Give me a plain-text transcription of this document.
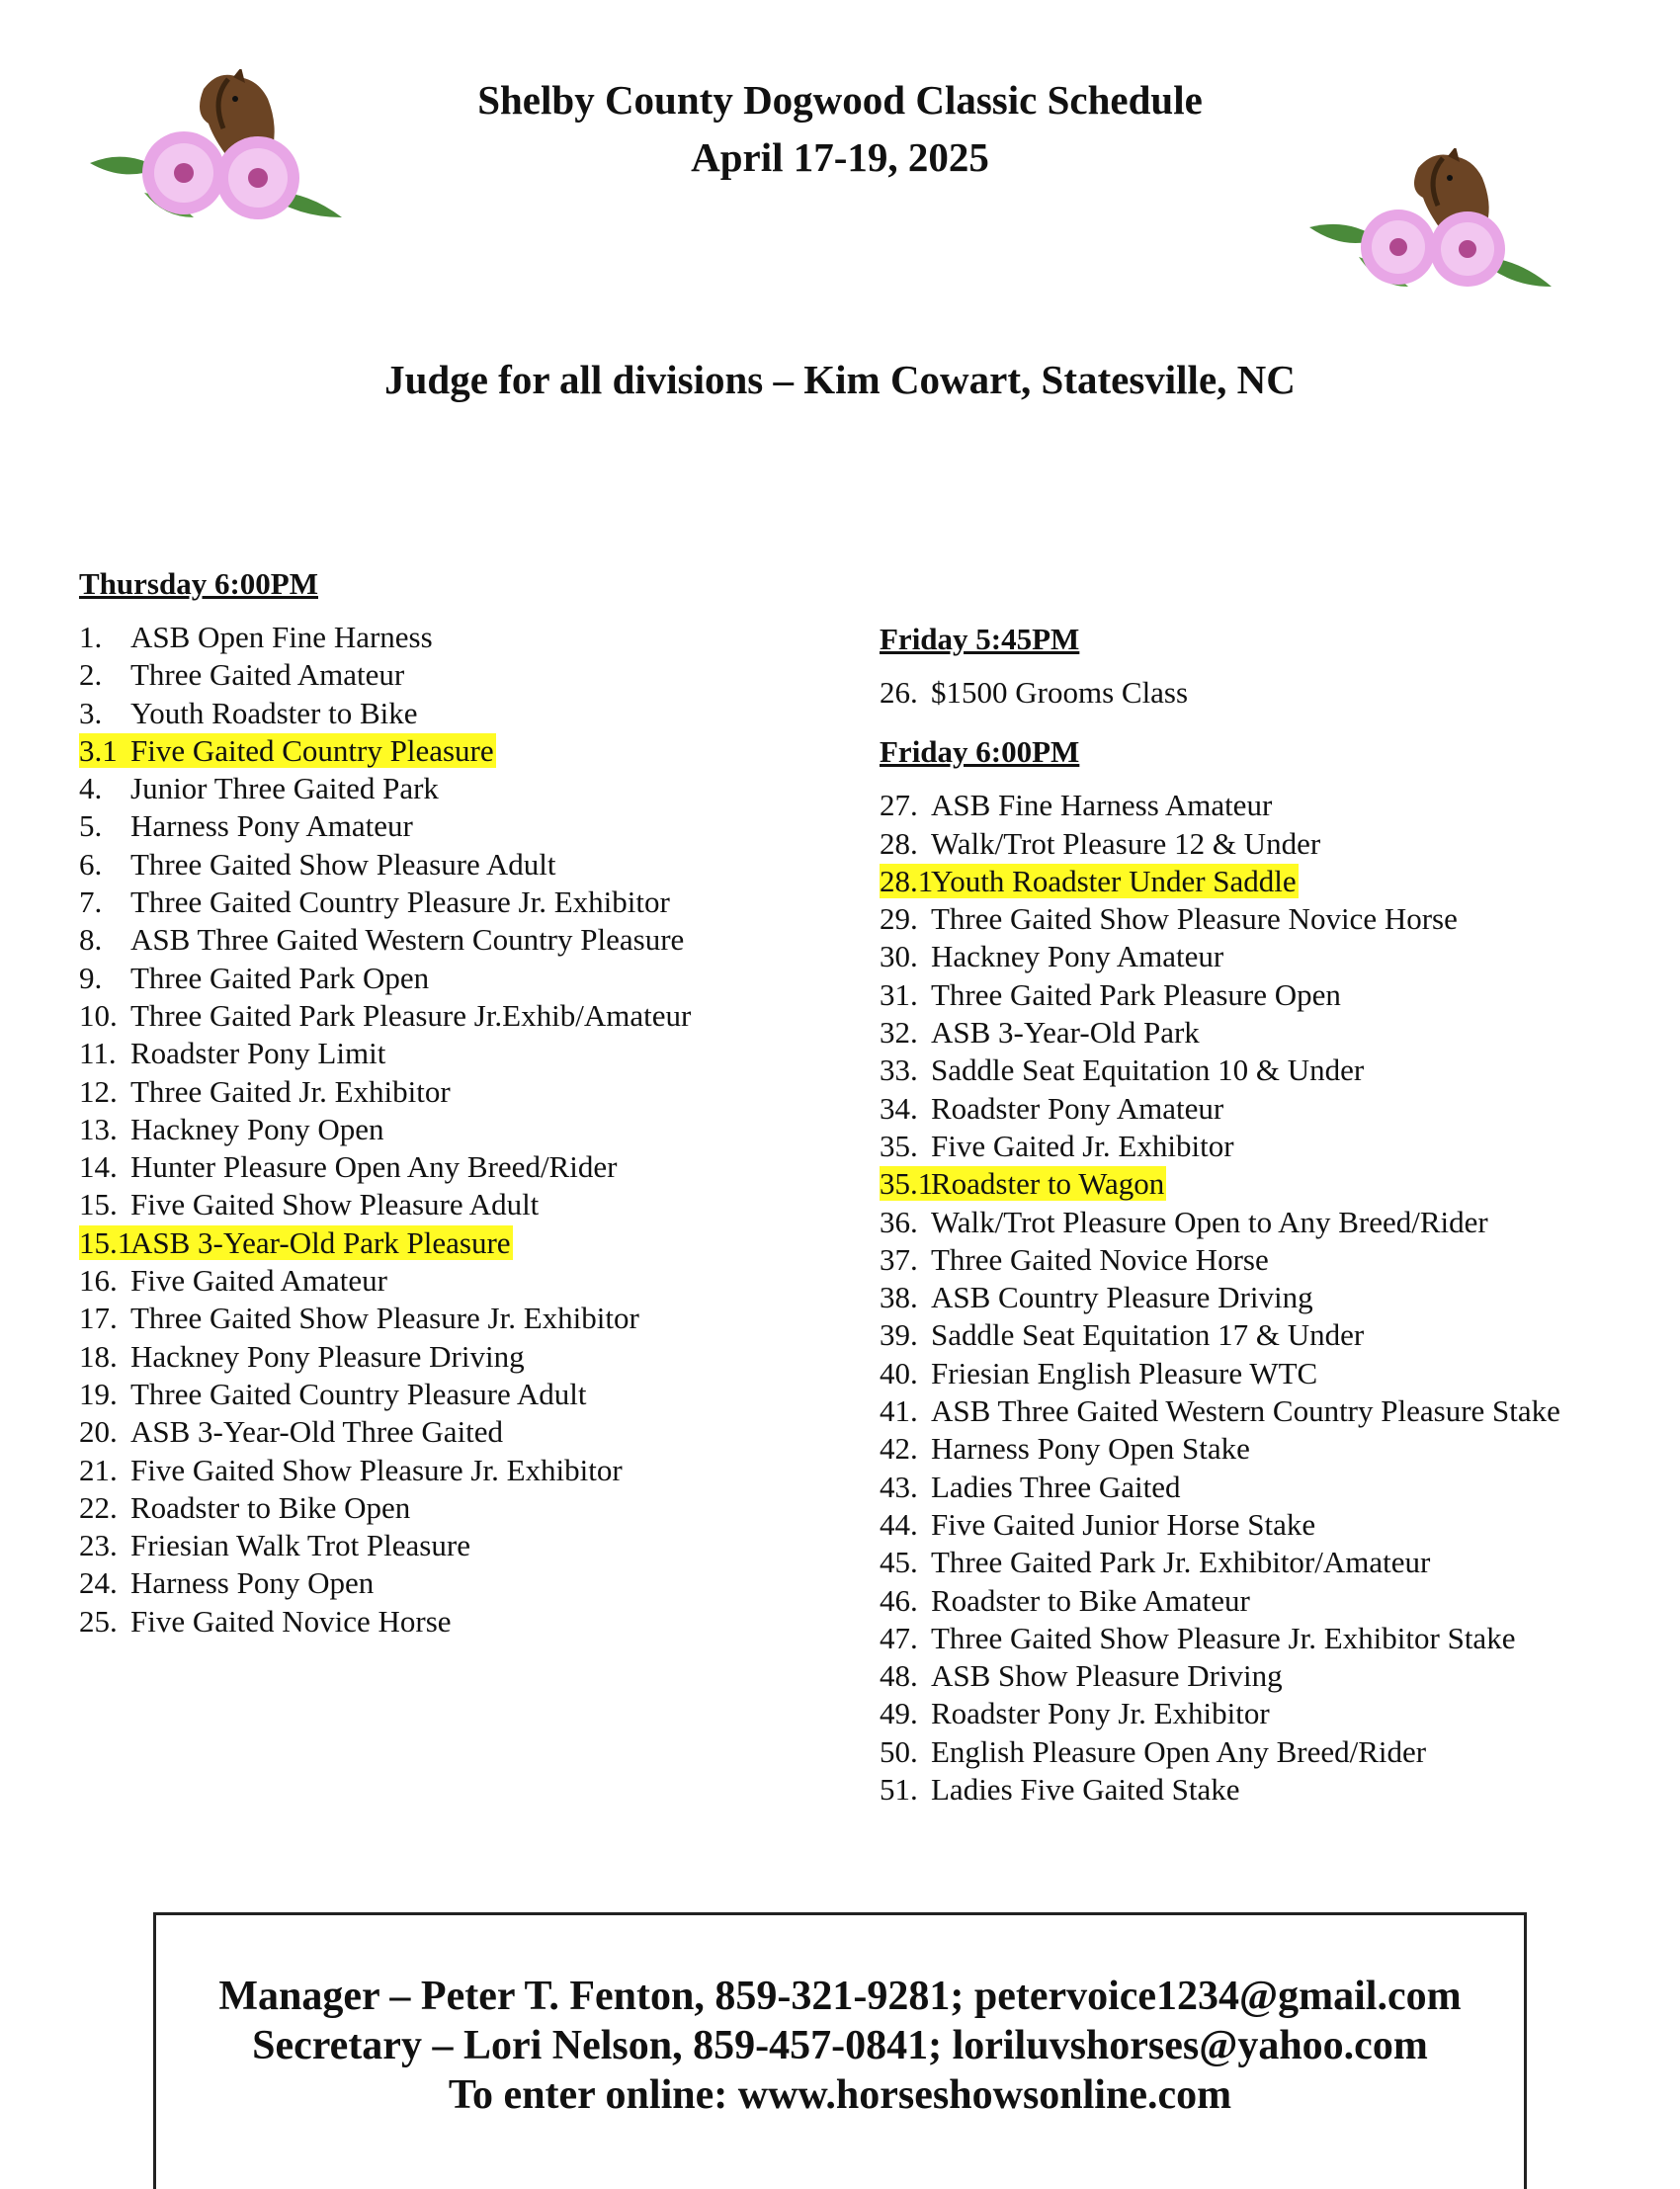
Shelby County Dogwood Classic Schedule
April 17-19, 2025
Judge for all divisions – Kim Cowart, Statesville, NC

Thursday 6:00PM

1. ASB Open Fine Harness
2. Three Gaited Amateur
3. Youth Roadster to Bike
3.1 Five Gaited Country Pleasure
4. Junior Three Gaited Park
5. Harness Pony Amateur
6. Three Gaited Show Pleasure Adult
7. Three Gaited Country Pleasure Jr. Exhibitor
8. ASB Three Gaited Western Country Pleasure
9. Three Gaited Park Open
10. Three Gaited Park Pleasure Jr.Exhib/Amateur
11. Roadster Pony Limit
12. Three Gaited Jr. Exhibitor
13. Hackney Pony Open
14. Hunter Pleasure Open Any Breed/Rider
15. Five Gaited Show Pleasure Adult
15.1ASB 3-Year-Old Park Pleasure
16. Five Gaited Amateur
17. Three Gaited Show Pleasure Jr. Exhibitor
18. Hackney Pony Pleasure Driving
19. Three Gaited Country Pleasure Adult
20. ASB 3-Year-Old Three Gaited
21. Five Gaited Show Pleasure Jr. Exhibitor
22. Roadster to Bike Open
23. Friesian Walk Trot Pleasure
24. Harness Pony Open
25. Five Gaited Novice Horse

Friday 5:45PM

26. $1500 Grooms Class

Friday 6:00PM

27. ASB Fine Harness Amateur
28. Walk/Trot Pleasure 12 & Under
28.1Youth Roadster Under Saddle
29. Three Gaited Show Pleasure Novice Horse
30. Hackney Pony Amateur
31. Three Gaited Park Pleasure Open
32. ASB 3-Year-Old Park
33. Saddle Seat Equitation 10 & Under
34. Roadster Pony Amateur
35. Five Gaited Jr. Exhibitor
35.1Roadster to Wagon
36. Walk/Trot Pleasure Open to Any Breed/Rider
37. Three Gaited Novice Horse
38. ASB Country Pleasure Driving
39. Saddle Seat Equitation 17 & Under
40. Friesian English Pleasure WTC
41. ASB Three Gaited Western Country Pleasure Stake
42. Harness Pony Open Stake
43. Ladies Three Gaited
44. Five Gaited Junior Horse Stake
45. Three Gaited Park Jr. Exhibitor/Amateur
46. Roadster to Bike Amateur
47. Three Gaited Show Pleasure Jr. Exhibitor Stake
48. ASB Show Pleasure Driving
49. Roadster Pony Jr. Exhibitor
50. English Pleasure Open Any Breed/Rider
51. Ladies Five Gaited Stake

Manager – Peter T. Fenton, 859-321-9281; petervoice1234@gmail.com

Secretary – Lori Nelson, 859-457-0841; loriluvshorses@yahoo.com

To enter online: www.horseshowsonline.com
